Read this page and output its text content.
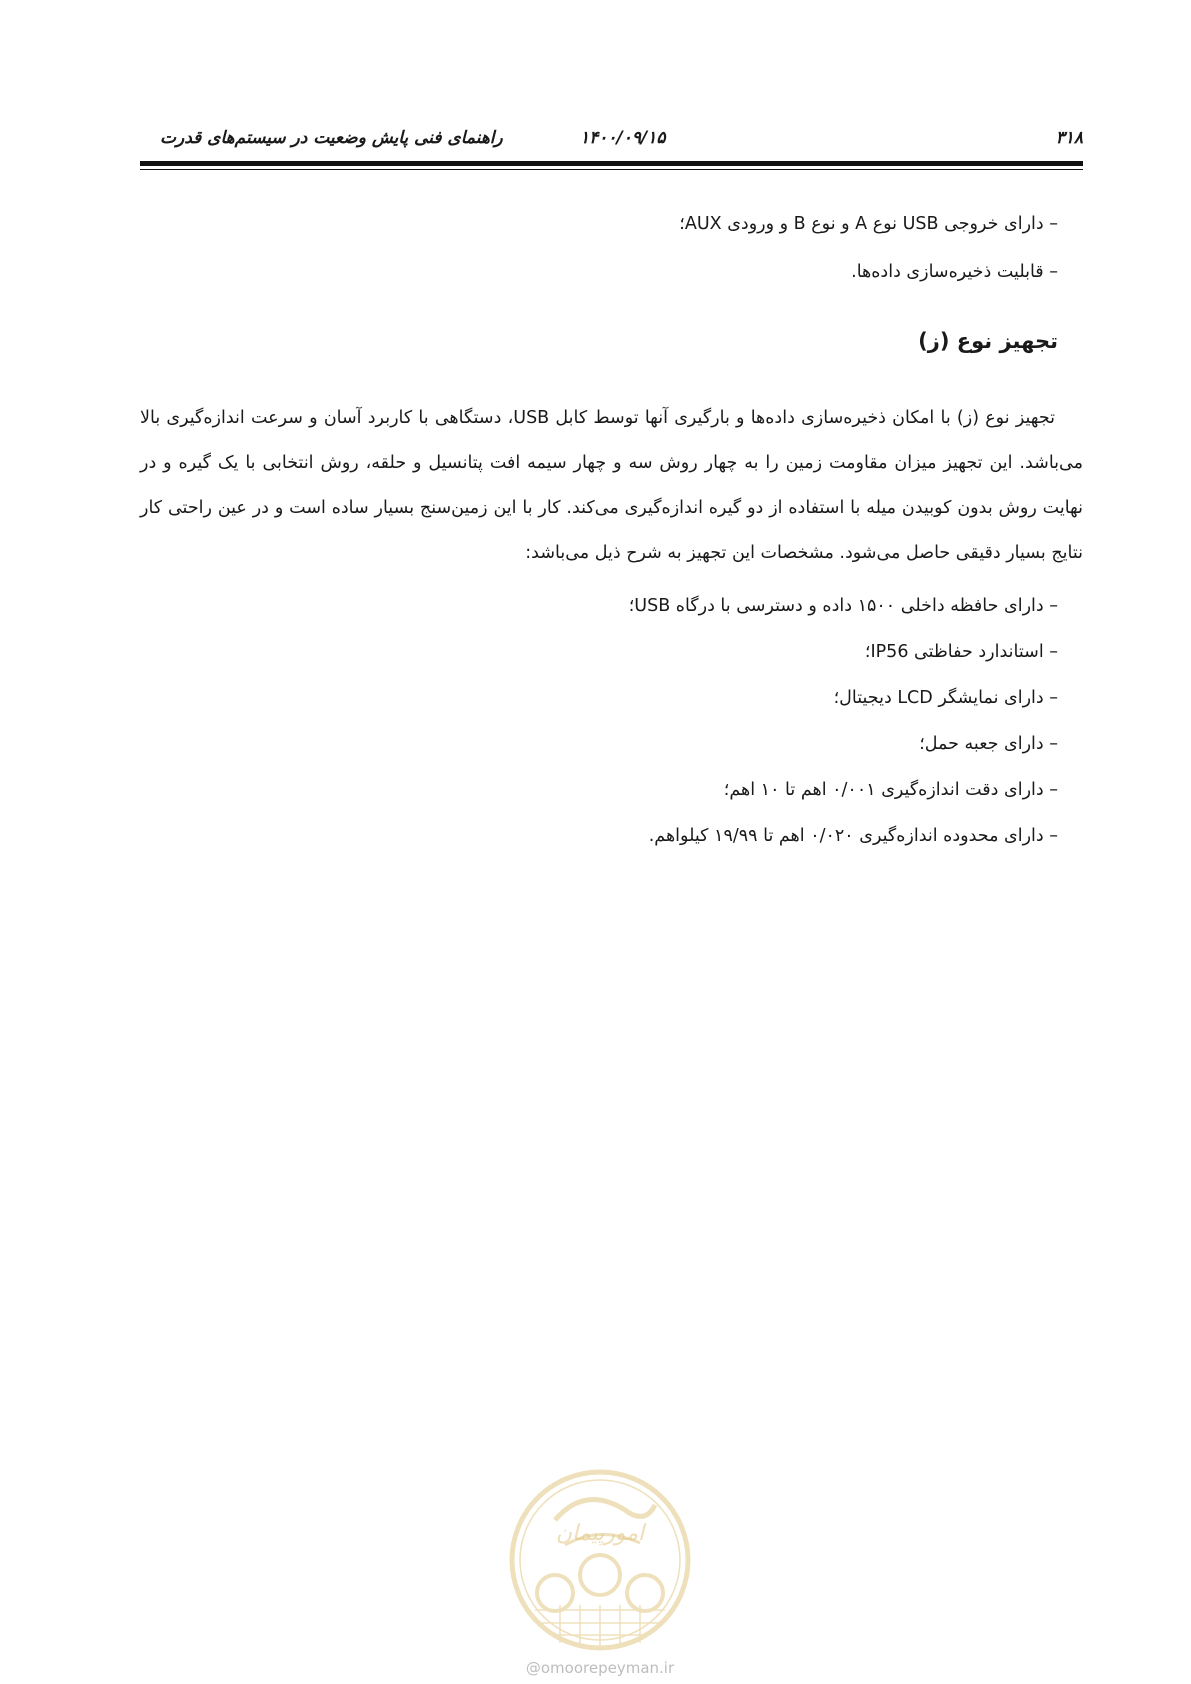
۳۱۸
۱۴۰۰/۰۹/۱۵
راهنمای فنی پایش وضعیت در سیستم‌های قدرت
– دارای خروجی USB نوع A و نوع B و ورودی AUX؛
– قابلیت ذخیره‌سازی داده‌ها.
تجهیز نوع (ز)

تجهیز نوع (ز) با امکان ذخیره‌سازی داده‌ها و بارگیری آنها توسط کابل USB، دستگاهی با کاربرد آسان و سرعت اندازه‌گیری بالا می‌باشد. این تجهیز میزان مقاومت زمین را به چهار روش سه و چهار سیمه افت پتانسیل و حلقه، روش انتخابی با یک گیره و در نهایت روش بدون کوبیدن میله با استفاده از دو گیره اندازه‌گیری می‌کند. کار با این زمین‌سنج بسیار ساده است و در عین راحتی کار نتایج بسیار دقیقی حاصل می‌شود. مشخصات این تجهیز به شرح ذیل می‌باشد:

– دارای حافظه داخلی ۱۵۰۰ داده و دسترسی با درگاه USB؛
– استاندارد حفاظتی IP56؛
– دارای نمایشگر LCD دیجیتال؛
– دارای جعبه حمل؛
– دارای دقت اندازه‌گیری ۰/۰۰۱ اهم تا ۱۰ اهم؛
– دارای محدوده اندازه‌گیری ۰/۰۲۰ اهم تا ۱۹/۹۹ کیلواهم.
امورپیمان
@omoorepeyman.ir
